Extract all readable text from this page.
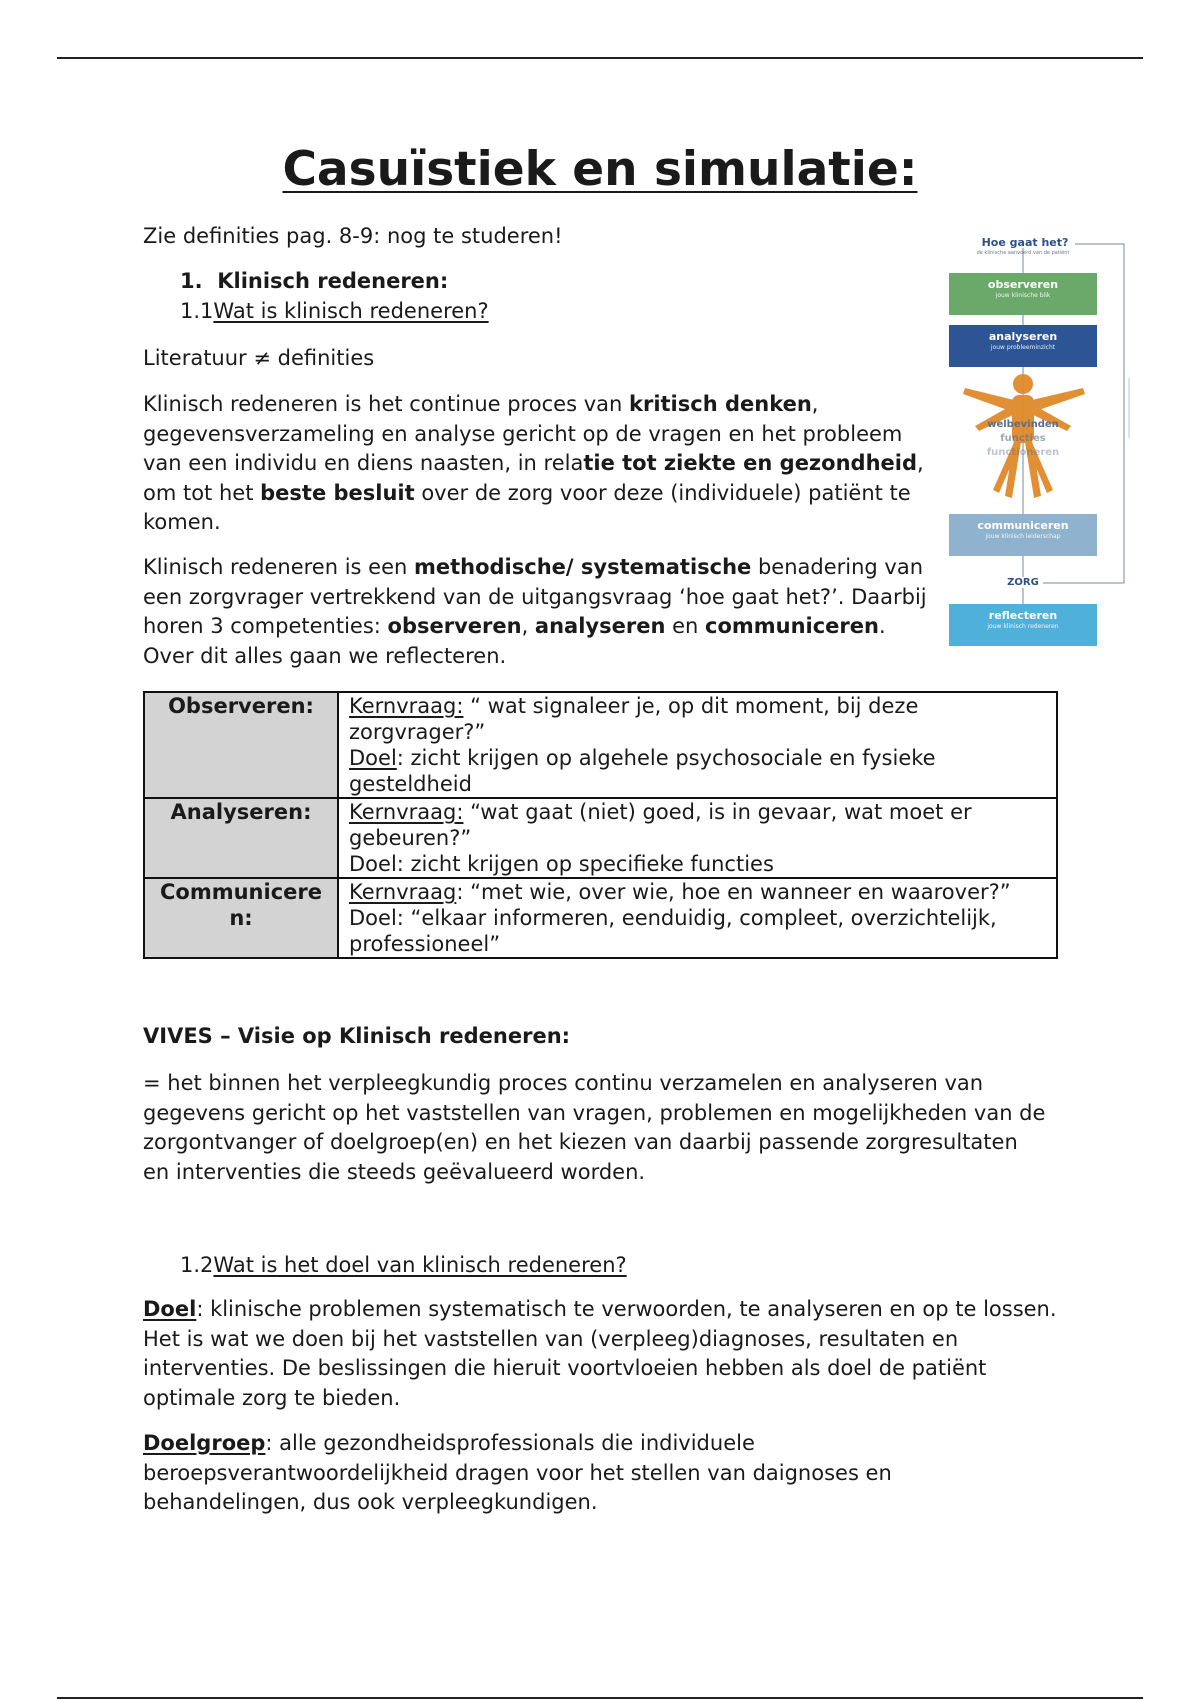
Casuïstiek en simulatie:
Zie definities pag. 8-9: nog te studeren!
1. Klinisch redeneren:
1.1Wat is klinisch redeneren?
Literatuur ≠ definities

Klinisch redeneren is het continue proces van kritisch denken, gegevensverzameling en analyse gericht op de vragen en het probleem van een individu en diens naasten, in relatie tot ziekte en gezondheid, om tot het beste besluit over de zorg voor deze (individuele) patiënt te komen.

Klinisch redeneren is een methodische/ systematische benadering van een zorgvrager vertrekkend van de uitgangsvraag ‘hoe gaat het?’. Daarbij horen 3 competenties: observeren, analyseren en communiceren. Over dit alles gaan we reflecteren.

Hoe gaat het?
de klinische aanvoerd van de patiënt
observeren
jouw klinische blik
analyseren
jouw probleeminzicht
welbevinden
functies
functioneren
communiceren
jouw klinisch leiderschap
ZORG
reflecteren
jouw klinisch redeneren
Observeren:	Kernvraag: “ wat signaleer je, op dit moment, bij deze zorgvrager?”
Doel: zicht krijgen op algehele psychosociale en fysieke gesteldheid
Analyseren:	Kernvraag: “wat gaat (niet) goed, is in gevaar, wat moet er gebeuren?”
Doel: zicht krijgen op specifieke functies
Communicere n:	Kernvraag: “met wie, over wie, hoe en wanneer en waarover?”
Doel: “elkaar informeren, eenduidig, compleet, overzichtelijk, professioneel”
VIVES – Visie op Klinisch redeneren:

= het binnen het verpleegkundig proces continu verzamelen en analyseren van gegevens gericht op het vaststellen van vragen, problemen en mogelijkheden van de zorgontvanger of doelgroep(en) en het kiezen van daarbij passende zorgresultaten en interventies die steeds geëvalueerd worden.

1.2Wat is het doel van klinisch redeneren?

Doel: klinische problemen systematisch te verwoorden, te analyseren en op te lossen. Het is wat we doen bij het vaststellen van (verpleeg)diagnoses, resultaten en interventies. De beslissingen die hieruit voortvloeien hebben als doel de patiënt optimale zorg te bieden.

Doelgroep: alle gezondheidsprofessionals die individuele beroepsverantwoordelijkheid dragen voor het stellen van daignoses en behandelingen, dus ook verpleegkundigen.
